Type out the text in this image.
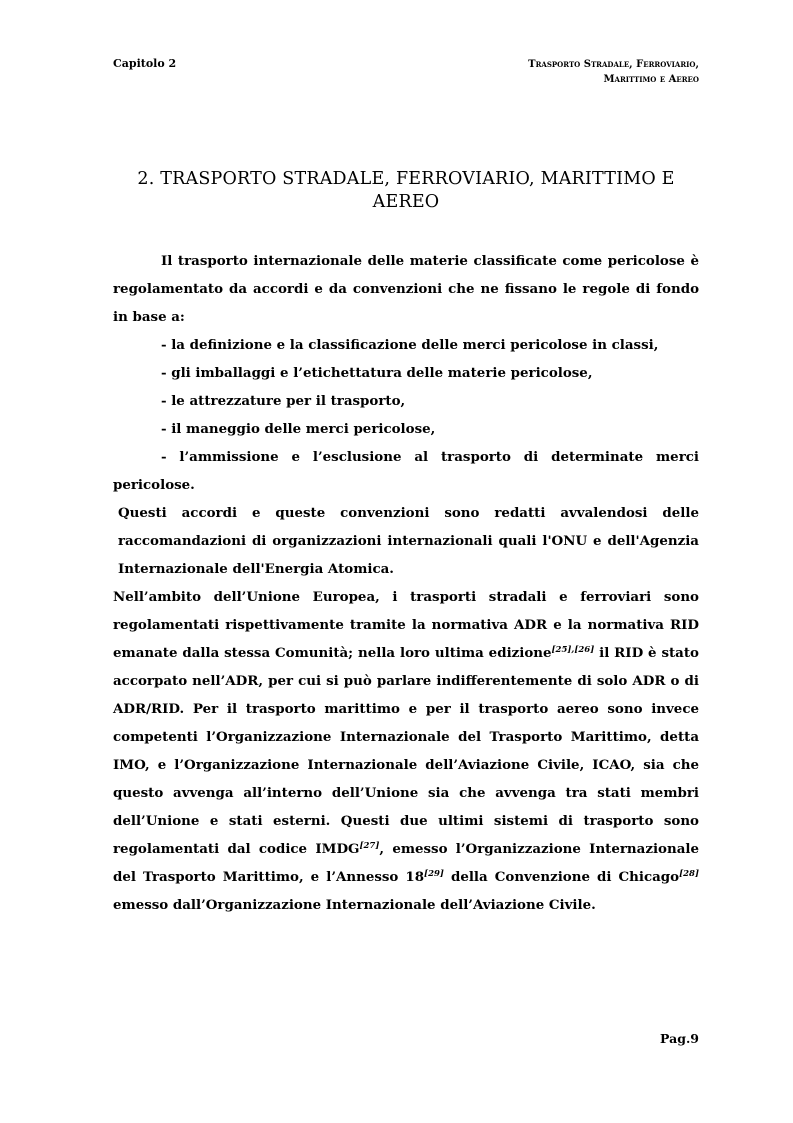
Capitolo 2	Trasporto Stradale, Ferroviario,
Marittimo e Aereo
2. TRASPORTO STRADALE, FERROVIARIO, MARITTIMO E AEREO

Il trasporto internazionale delle materie classificate come pericolose è regolamentato da accordi e da convenzioni che ne fissano le regole di fondo in base a:

- la definizione e la classificazione delle merci pericolose in classi,

- gli imballaggi e l’etichettatura delle materie pericolose,

- le attrezzature per il trasporto,

- il maneggio delle merci pericolose,

- l’ammissione e l’esclusione al trasporto di determinate merci pericolose.

Questi accordi e queste convenzioni sono redatti avvalendosi delle raccomandazioni di organizzazioni internazionali quali l'ONU e dell'Agenzia Internazionale dell'Energia Atomica.

Nell’ambito dell’Unione Europea, i trasporti stradali e ferroviari sono regolamentati rispettivamente tramite la normativa ADR e la normativa RID emanate dalla stessa Comunità; nella loro ultima edizione[25],[26] il RID è stato accorpato nell’ADR, per cui si può parlare indifferentemente di solo ADR o di ADR/RID. Per il trasporto marittimo e per il trasporto aereo sono invece competenti l’Organizzazione Internazionale del Trasporto Marittimo, detta IMO, e l’Organizzazione Internazionale dell’Aviazione Civile, ICAO, sia che questo avvenga all’interno dell’Unione sia che avvenga tra stati membri dell’Unione e stati esterni. Questi due ultimi sistemi di trasporto sono regolamentati dal codice IMDG[27], emesso l’Organizzazione Internazionale del Trasporto Marittimo, e l’Annesso 18[29] della Convenzione di Chicago[28] emesso dall’Organizzazione Internazionale dell’Aviazione Civile.

Pag.9
